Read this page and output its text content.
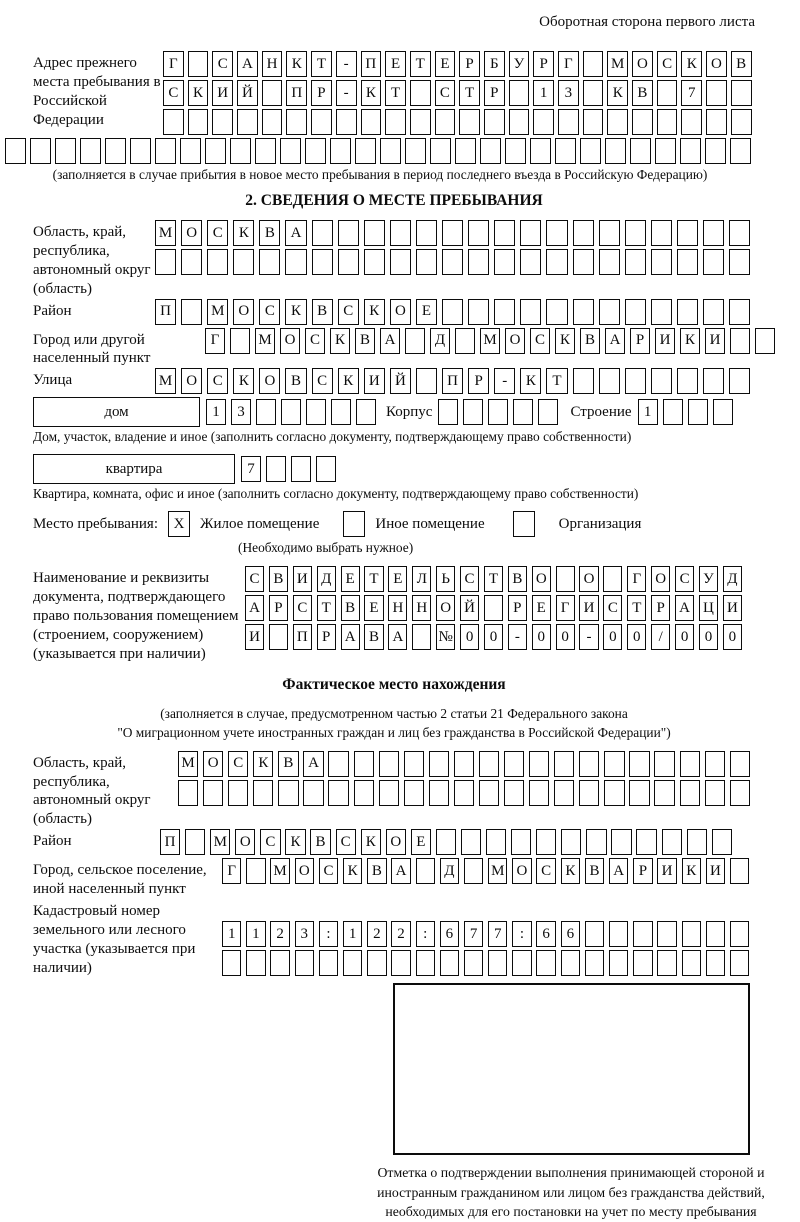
Оборотная сторона первого листа
Адрес прежнего места пребывания в Российской Федерации
Г	С А Н К	Т	-	П Е	Т	Е	Р	Б	У	Р	Г	М О С К О В
С К И Й	П	Р	-	К	Т	С	Т	Р	1	3	К В	7
(заполняется в случае прибытия в новое место пребывания в период последнего въезда в Российскую Федерацию)
2. СВЕДЕНИЯ О МЕСТЕ ПРЕБЫВАНИЯ
Область, край, республика, автономный округ (область)
М О	С	К	В	А
Район	П	М О	С	К	В	С	К	О	Е
Город или другой населенный пункт
Г	М О С К В А	Д	М О С К В А	Р	И К И
Улица	М О	С	К	О	В	С	К	И	Й	П	Р	-	К	Т
дом	1	3	Корпус	Строение 1
Дом, участок, владение и иное (заполнить согласно документу, подтверждающему право собственности)
квартира	7
Квартира, комната, офис и иное (заполнить согласно документу, подтверждающему право собственности)
Место пребывания:	X	Жилое помещение	Иное помещение	Организация
(Необходимо выбрать нужное)
Наименование и реквизиты документа, подтверждающего право пользования помещением (строением, сооружением) (указывается при наличии)
С В И Д Е Т Е Л Ь С Т В О О	Г О С У Д
А Р С Т В Е Н Н О Й	Р	Е Г И С Т	Р А Ц И
И П Р А В А № 0	0	-	0	0	-	0	0	/	0	0	0
Фактическое место нахождения
(заполняется в случае, предусмотренном частью 2 статьи 21 Федерального закона
"О миграционном учете иностранных граждан и лиц без гражданства в Российской Федерации")
Область, край, республика, автономный округ (область)
М О С	К	В А
Район	П	М О С	К	В	С	К О	Е
Город, сельское поселение, иной населенный пункт
Г	М О С К В А	Д	М О С К В А Р И К И
Кадастровый номер земельного или лесного участка (указывается при наличии)
1	1	2	3	:	1	2	2	:	6	7	7	:	6	6
Отметка о подтверждении выполнения принимающей стороной и иностранным гражданином или лицом без гражданства действий, необходимых для его постановки на учет по месту пребывания
